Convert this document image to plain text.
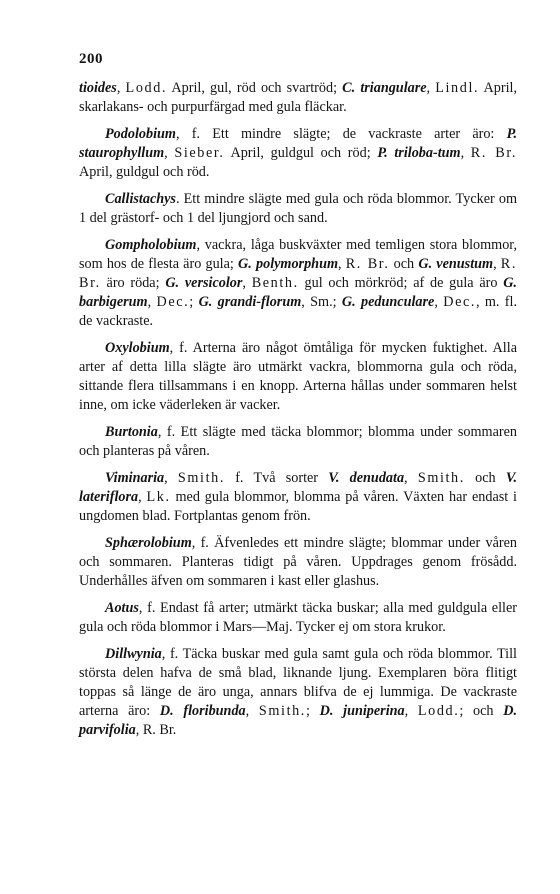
200

tioides, Lodd. April, gul, röd och svartröd; C. triangulare, Lindl. April, skarlakans- och purpurfärgad med gula fläckar.

Podolobium, f. Ett mindre slägte; de vackraste arter äro: P. staurophyllum, Sieber. April, guldgul och röd; P. triloba-tum, R. Br. April, guldgul och röd.

Callistachys. Ett mindre slägte med gula och röda blommor. Tycker om 1 del grästorf- och 1 del ljungjord och sand.

Gompholobium, vackra, låga buskväxter med temligen stora blommor, som hos de flesta äro gula; G. polymorphum, R. Br. och G. venustum, R. Br. äro röda; G. versicolor, Benth. gul och mörkröd; af de gula äro G. barbigerum, Dec.; G. grandi-florum, Sm.; G. pedunculare, Dec., m. fl. de vackraste.

Oxylobium, f. Arterna äro något ömtåliga för mycken fuktighet. Alla arter af detta lilla slägte äro utmärkt vackra, blommorna gula och röda, sittande flera tillsammans i en knopp. Arterna hållas under sommaren helst inne, om icke väderleken är vacker.

Burtonia, f. Ett slägte med täcka blommor; blomma under sommaren och planteras på våren.

Viminaria, Smith. f. Två sorter V. denudata, Smith. och V. lateriflora, Lk. med gula blommor, blomma på våren. Växten har endast i ungdomen blad. Fortplantas genom frön.

Sphærolobium, f. Äfvenledes ett mindre slägte; blommar under våren och sommaren. Planteras tidigt på våren. Uppdrages genom frösådd. Underhålles äfven om sommaren i kast eller glashus.

Aotus, f. Endast få arter; utmärkt täcka buskar; alla med guldgula eller gula och röda blommor i Mars—Maj. Tycker ej om stora krukor.

Dillwynia, f. Täcka buskar med gula samt gula och röda blommor. Till största delen hafva de små blad, liknande ljung. Exemplaren böra flitigt toppas så länge de äro unga, annars blifva de ej lummiga. De vackraste arterna äro: D. floribunda, Smith.; D. juniperina, Lodd.; och D. parvifolia, R. Br.
